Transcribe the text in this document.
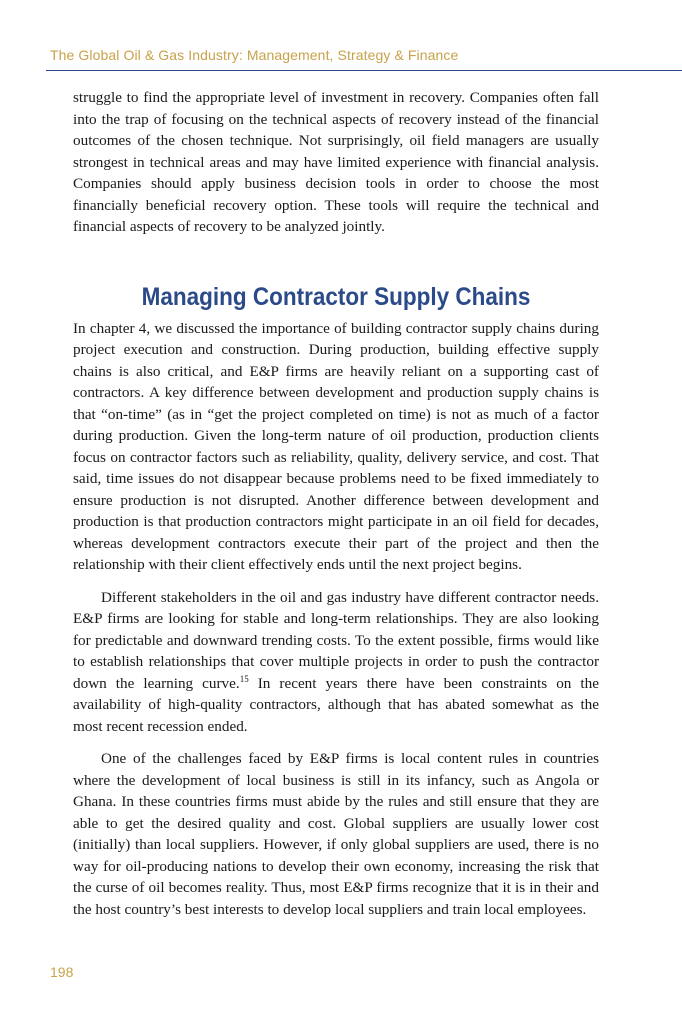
The Global Oil & Gas Industry: Management, Strategy & Finance

struggle to find the appropriate level of investment in recovery. Companies often fall into the trap of focusing on the technical aspects of recovery instead of the financial outcomes of the chosen technique. Not surprisingly, oil field managers are usually strongest in technical areas and may have limited experience with financial analysis. Companies should apply business decision tools in order to choose the most financially beneficial recovery option. These tools will require the technical and financial aspects of recovery to be analyzed jointly.

Managing Contractor Supply Chains

In chapter 4, we discussed the importance of building contractor supply chains during project execution and construction. During production, building effective supply chains is also critical, and E&P firms are heavily reliant on a supporting cast of contractors. A key difference between development and production supply chains is that “on-time” (as in “get the project completed on time) is not as much of a factor during production. Given the long-term nature of oil production, production clients focus on contractor factors such as reliability, quality, delivery service, and cost. That said, time issues do not disappear because problems need to be fixed immediately to ensure production is not disrupted. Another difference between development and production is that production contractors might participate in an oil field for decades, whereas development contractors execute their part of the project and then the relationship with their client effectively ends until the next project begins.

Different stakeholders in the oil and gas industry have different contractor needs. E&P firms are looking for stable and long-term relationships. They are also looking for predictable and downward trending costs. To the extent possible, firms would like to establish relationships that cover multiple projects in order to push the contractor down the learning curve.$^{15}$ In recent years there have been constraints on the availability of high-quality contractors, although that has abated somewhat as the most recent recession ended.

One of the challenges faced by E&P firms is local content rules in countries where the development of local business is still in its infancy, such as Angola or Ghana. In these countries firms must abide by the rules and still ensure that they are able to get the desired quality and cost. Global suppliers are usually lower cost (initially) than local suppliers. However, if only global suppliers are used, there is no way for oil-producing nations to develop their own economy, increasing the risk that the curse of oil becomes reality. Thus, most E&P firms recognize that it is in their and the host country’s best interests to develop local suppliers and train local employees.

198
